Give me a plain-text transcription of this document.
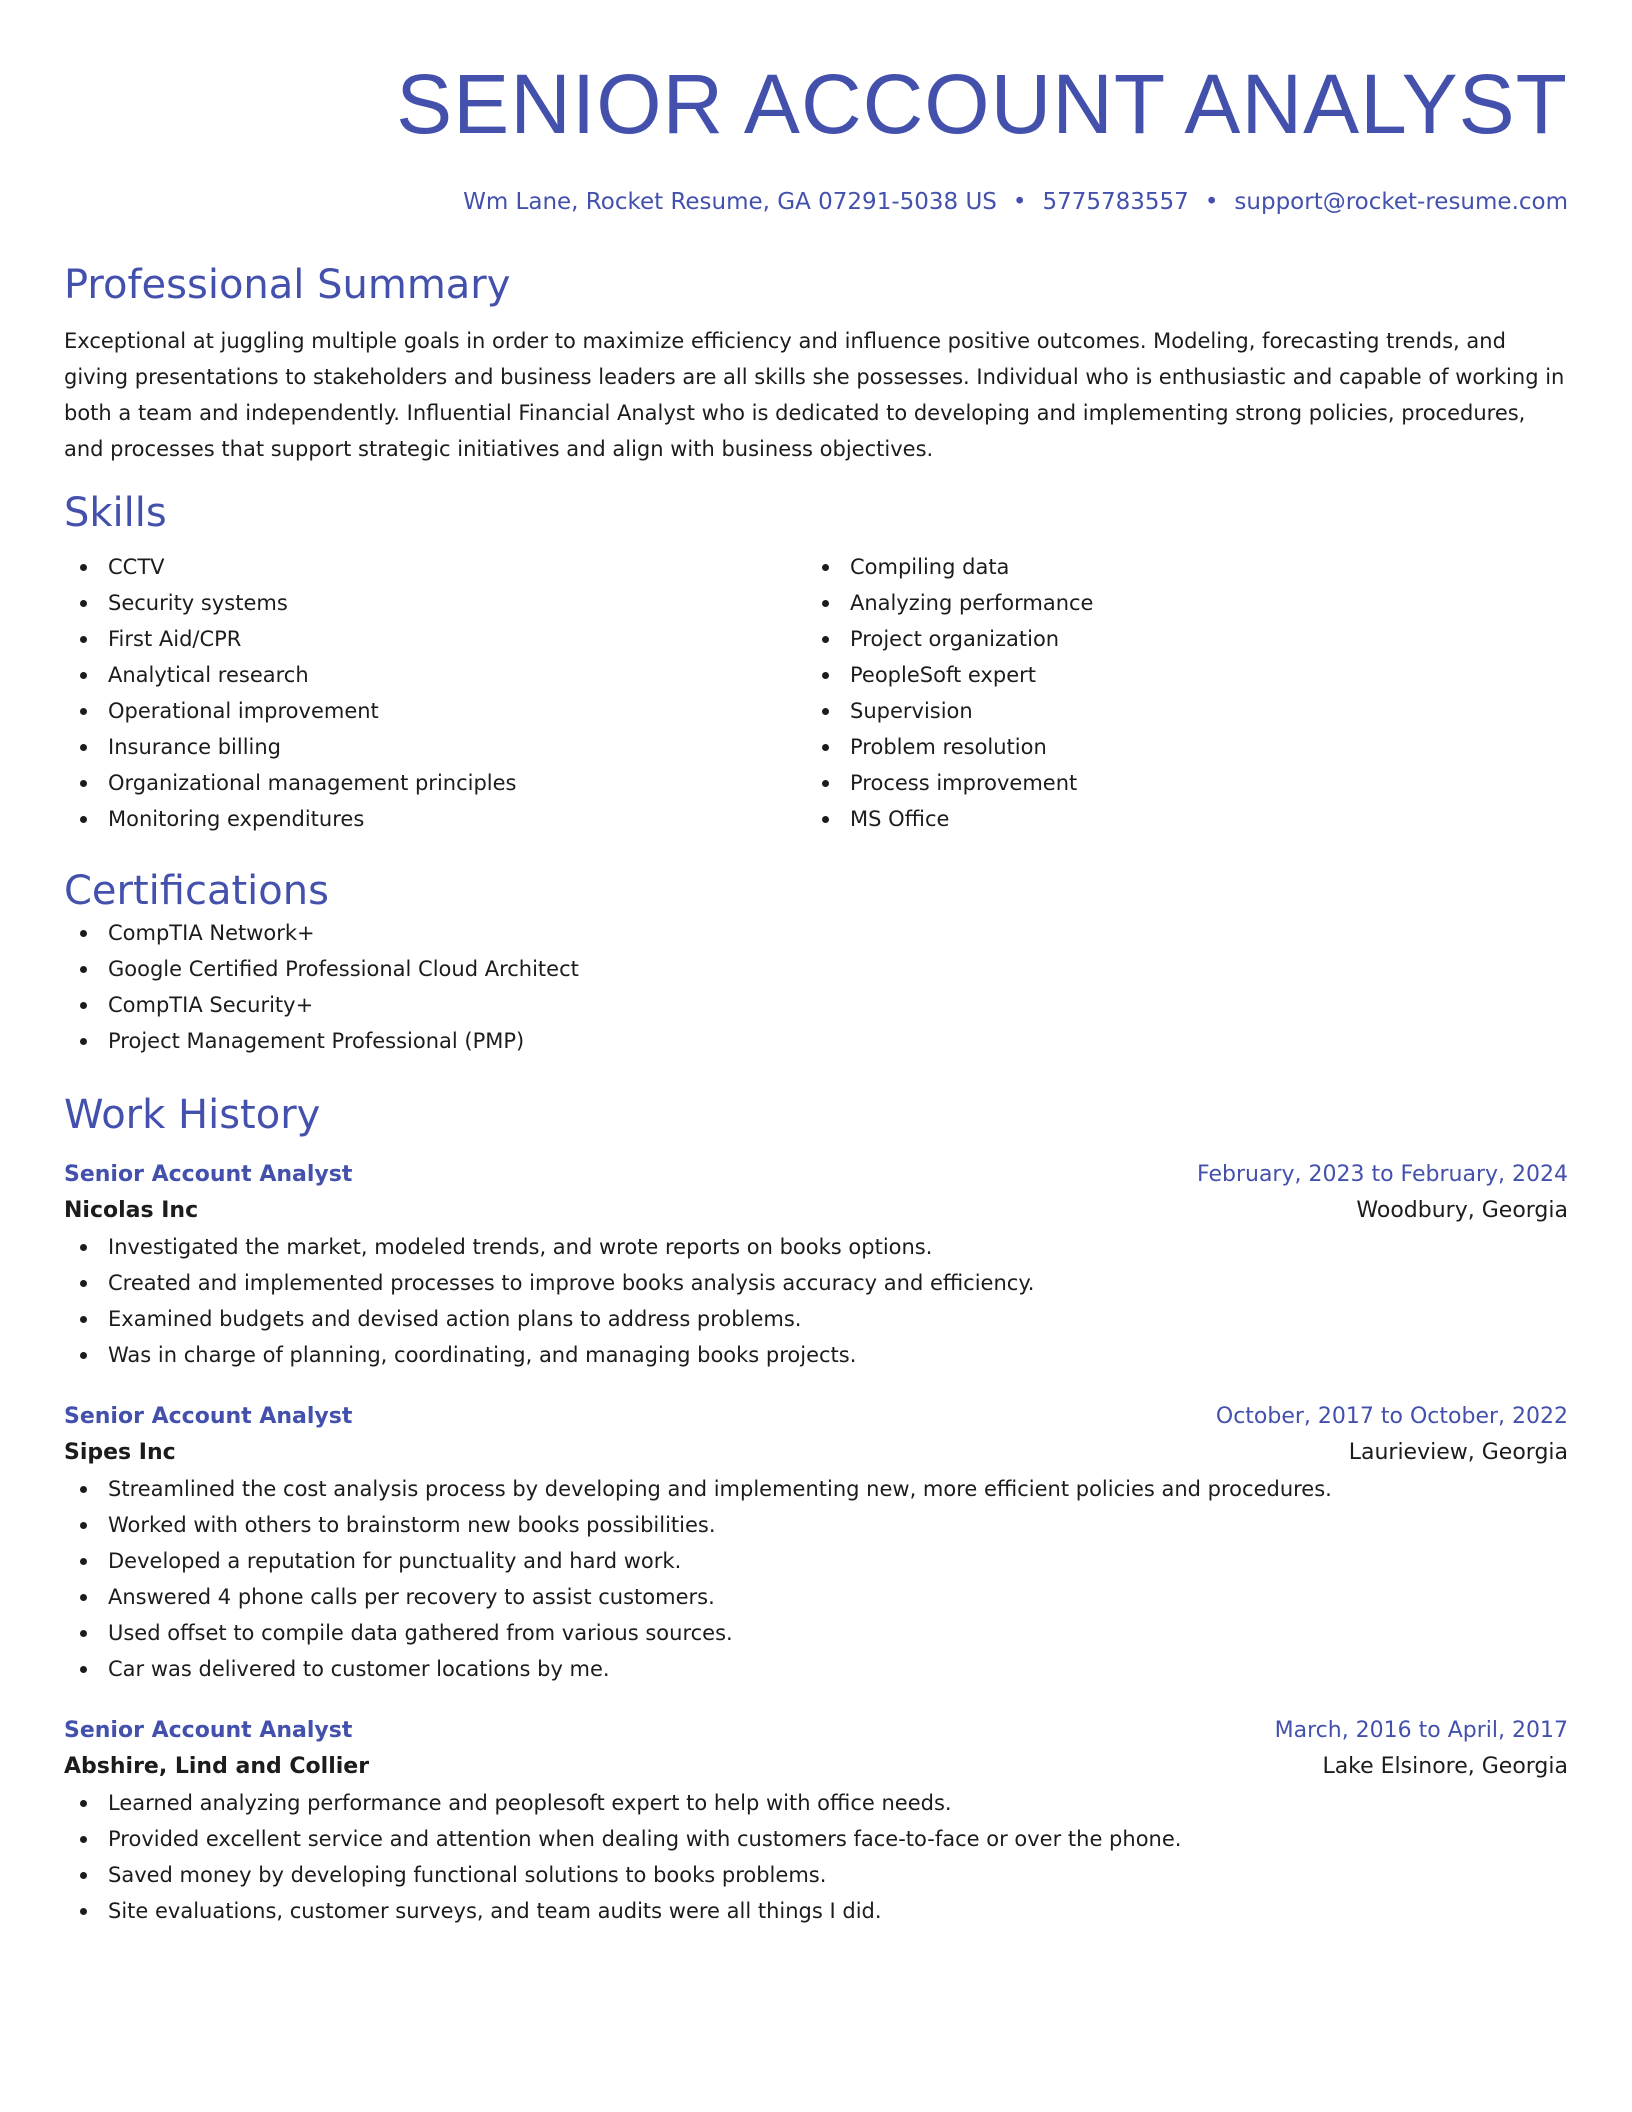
SENIOR ACCOUNT ANALYST
Wm Lane, Rocket Resume, GA 07291-5038 US • 5775783557 • support@rocket-resume.com
Professional Summary
Exceptional at juggling multiple goals in order to maximize efficiency and influence positive outcomes. Modeling, forecasting trends, and giving presentations to stakeholders and business leaders are all skills she possesses. Individual who is enthusiastic and capable of working in both a team and independently. Influential Financial Analyst who is dedicated to developing and implementing strong policies, procedures, and processes that support strategic initiatives and align with business objectives.
Skills
CCTV
Security systems
First Aid/CPR
Analytical research
Operational improvement
Insurance billing
Organizational management principles
Monitoring expenditures
Compiling data
Analyzing performance
Project organization
PeopleSoft expert
Supervision
Problem resolution
Process improvement
MS Office
Certifications
CompTIA Network+
Google Certified Professional Cloud Architect
CompTIA Security+
Project Management Professional (PMP)
Work History
Senior Account Analyst	February, 2023 to February, 2024
Nicolas Inc	Woodbury, Georgia
Investigated the market, modeled trends, and wrote reports on books options.
Created and implemented processes to improve books analysis accuracy and efficiency.
Examined budgets and devised action plans to address problems.
Was in charge of planning, coordinating, and managing books projects.
Senior Account Analyst	October, 2017 to October, 2022
Sipes Inc	Laurieview, Georgia
Streamlined the cost analysis process by developing and implementing new, more efficient policies and procedures.
Worked with others to brainstorm new books possibilities.
Developed a reputation for punctuality and hard work.
Answered 4 phone calls per recovery to assist customers.
Used offset to compile data gathered from various sources.
Car was delivered to customer locations by me.
Senior Account Analyst	March, 2016 to April, 2017
Abshire, Lind and Collier	Lake Elsinore, Georgia
Learned analyzing performance and peoplesoft expert to help with office needs.
Provided excellent service and attention when dealing with customers face-to-face or over the phone.
Saved money by developing functional solutions to books problems.
Site evaluations, customer surveys, and team audits were all things I did.
